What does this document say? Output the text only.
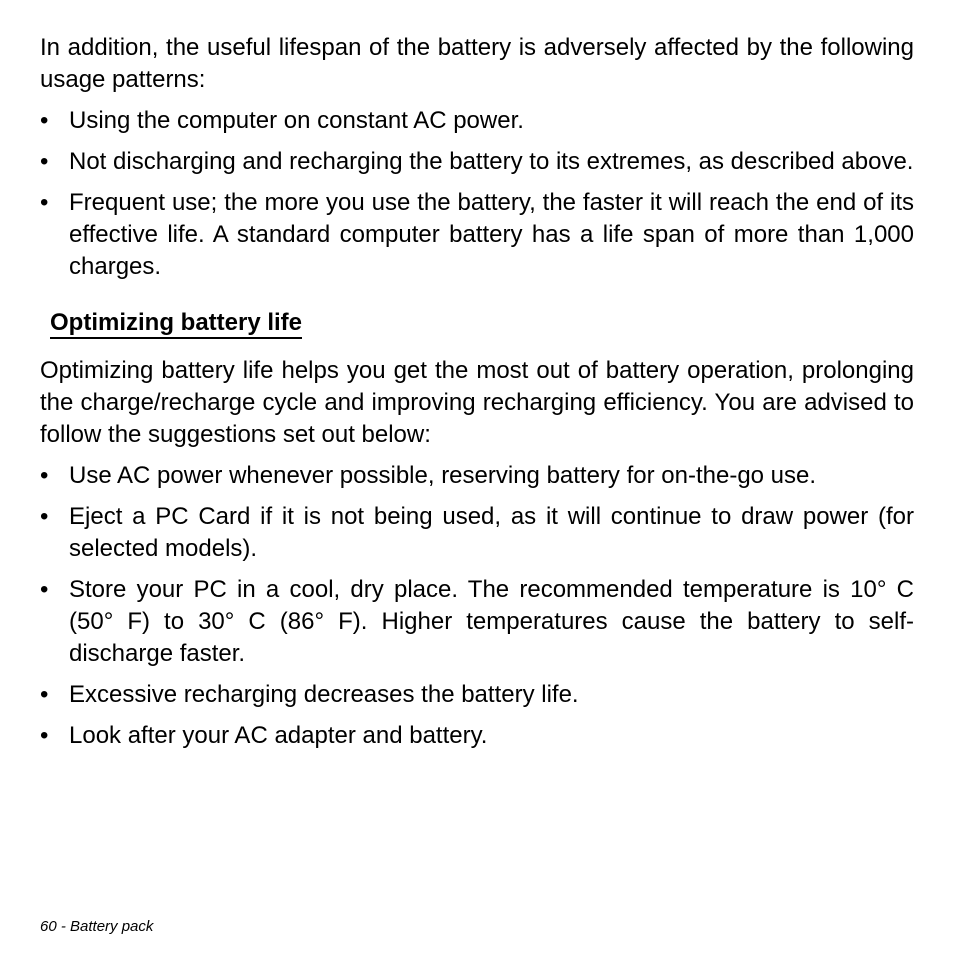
In addition, the useful lifespan of the battery is adversely affected by the following usage patterns:

• Using the computer on constant AC power.
• Not discharging and recharging the battery to its extremes, as described above.
• Frequent use; the more you use the battery, the faster it will reach the end of its effective life. A standard computer battery has a life span of more than 1,000 charges.
Optimizing battery life

Optimizing battery life helps you get the most out of battery operation, prolonging the charge/recharge cycle and improving recharging efficiency. You are advised to follow the suggestions set out below:

• Use AC power whenever possible, reserving battery for on-the-go use.
• Eject a PC Card if it is not being used, as it will continue to draw power (for selected models).
• Store your PC in a cool, dry place. The recommended temperature is 10° C (50° F) to 30° C (86° F). Higher temperatures cause the battery to self-discharge faster.
• Excessive recharging decreases the battery life.
• Look after your AC adapter and battery.
60 - Battery pack
